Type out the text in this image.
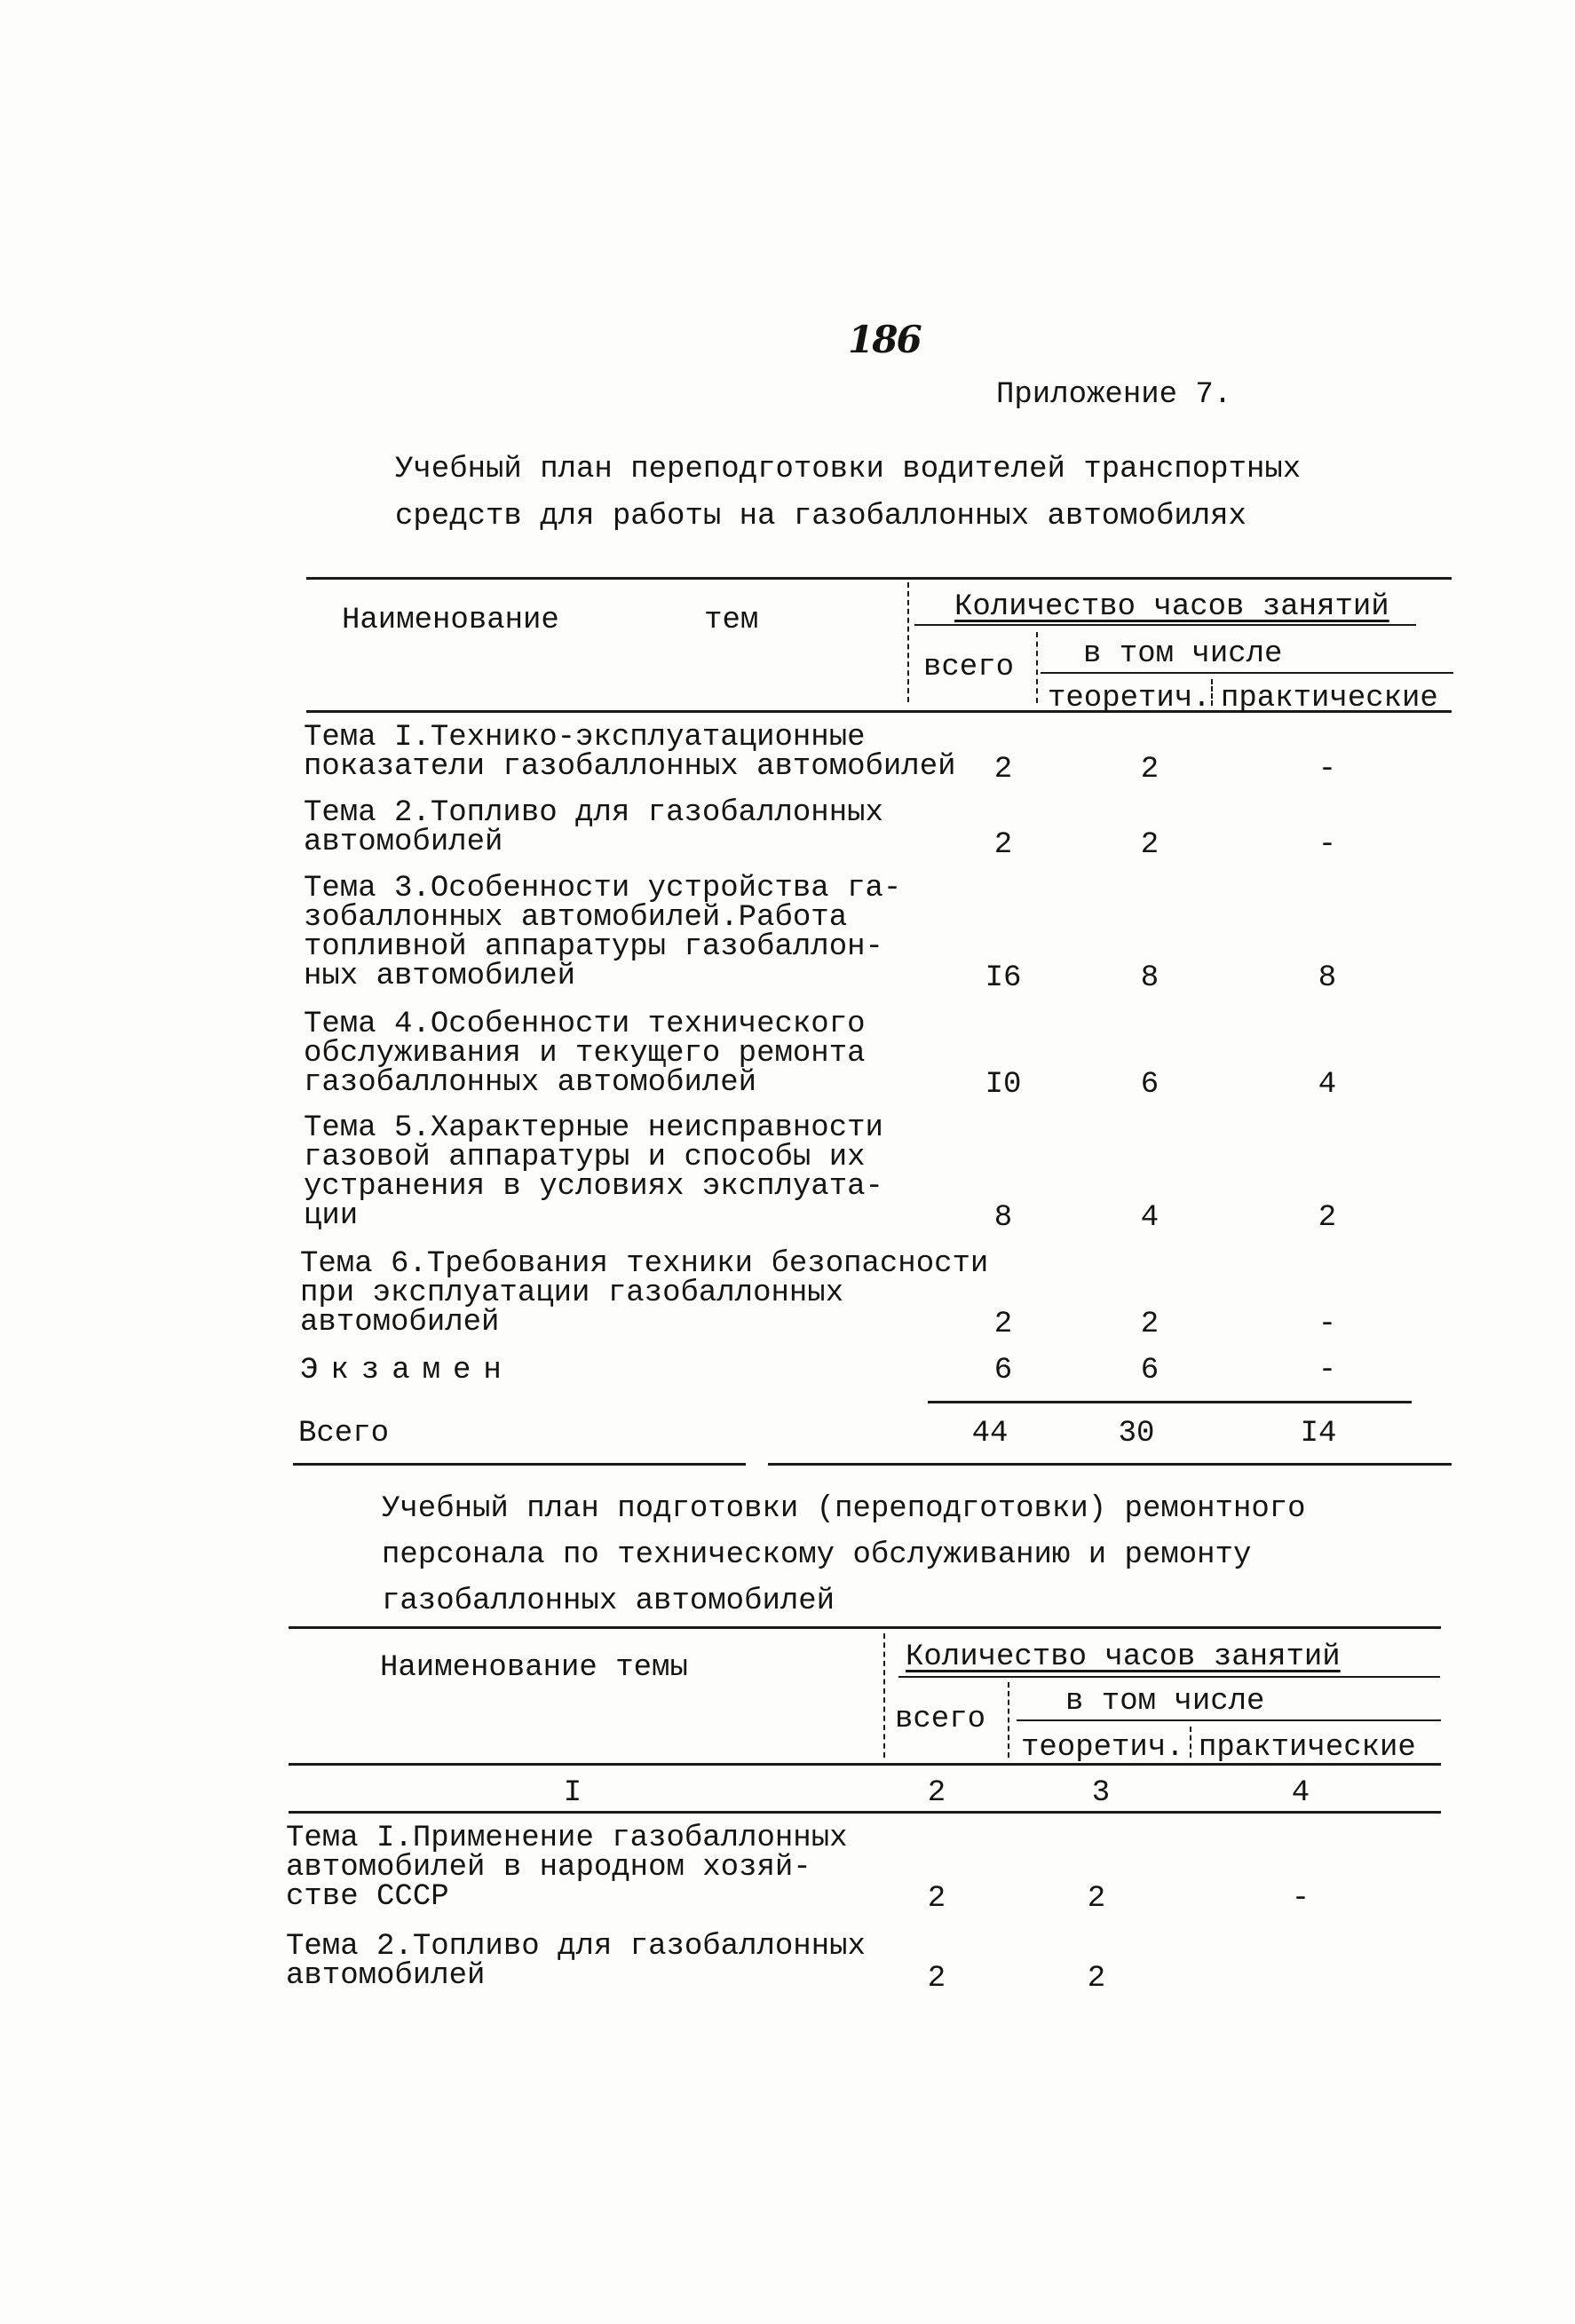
186
Приложение 7.
Учебный план переподготовки водителей транспортных
средств для работы на газобаллонных автомобилях
Наименование        тем	Количество часов занятий
всего в том числе
теоретич. практические
Тема I.Технико-эксплуатационные
показатели газобаллонных автомобилей	2	2	-
Тема 2.Топливо для газобаллонных
автомобилей	2	2	-
Тема 3.Особенности устройства га-
зобаллонных автомобилей.Работа
топливной аппаратуры газобаллон-
ных автомобилей	I6	8	8
Тема 4.Особенности технического
обслуживания и текущего ремонта
газобаллонных автомобилей	I0	6	4
Тема 5.Характерные неисправности
газовой аппаратуры и способы их
устранения в условиях эксплуата-
ции	8	4	2
Тема 6.Требования техники безопасности
при эксплуатации газобаллонных
автомобилей	2	2	-
Экзамен	6	6	-
Всего	44	30	I4
Учебный план подготовки (переподготовки) ремонтного
персонала по техническому обслуживанию и ремонту
газобаллонных автомобилей
Наименование темы	Количество часов занятий
всего
в том числе
теоретич. практические
I	2	3	4
Тема I.Применение газобаллонных
автомобилей в народном хозяй-
стве СССР	2	2	-
Тема 2.Топливо для газобаллонных
автомобилей	2	2
